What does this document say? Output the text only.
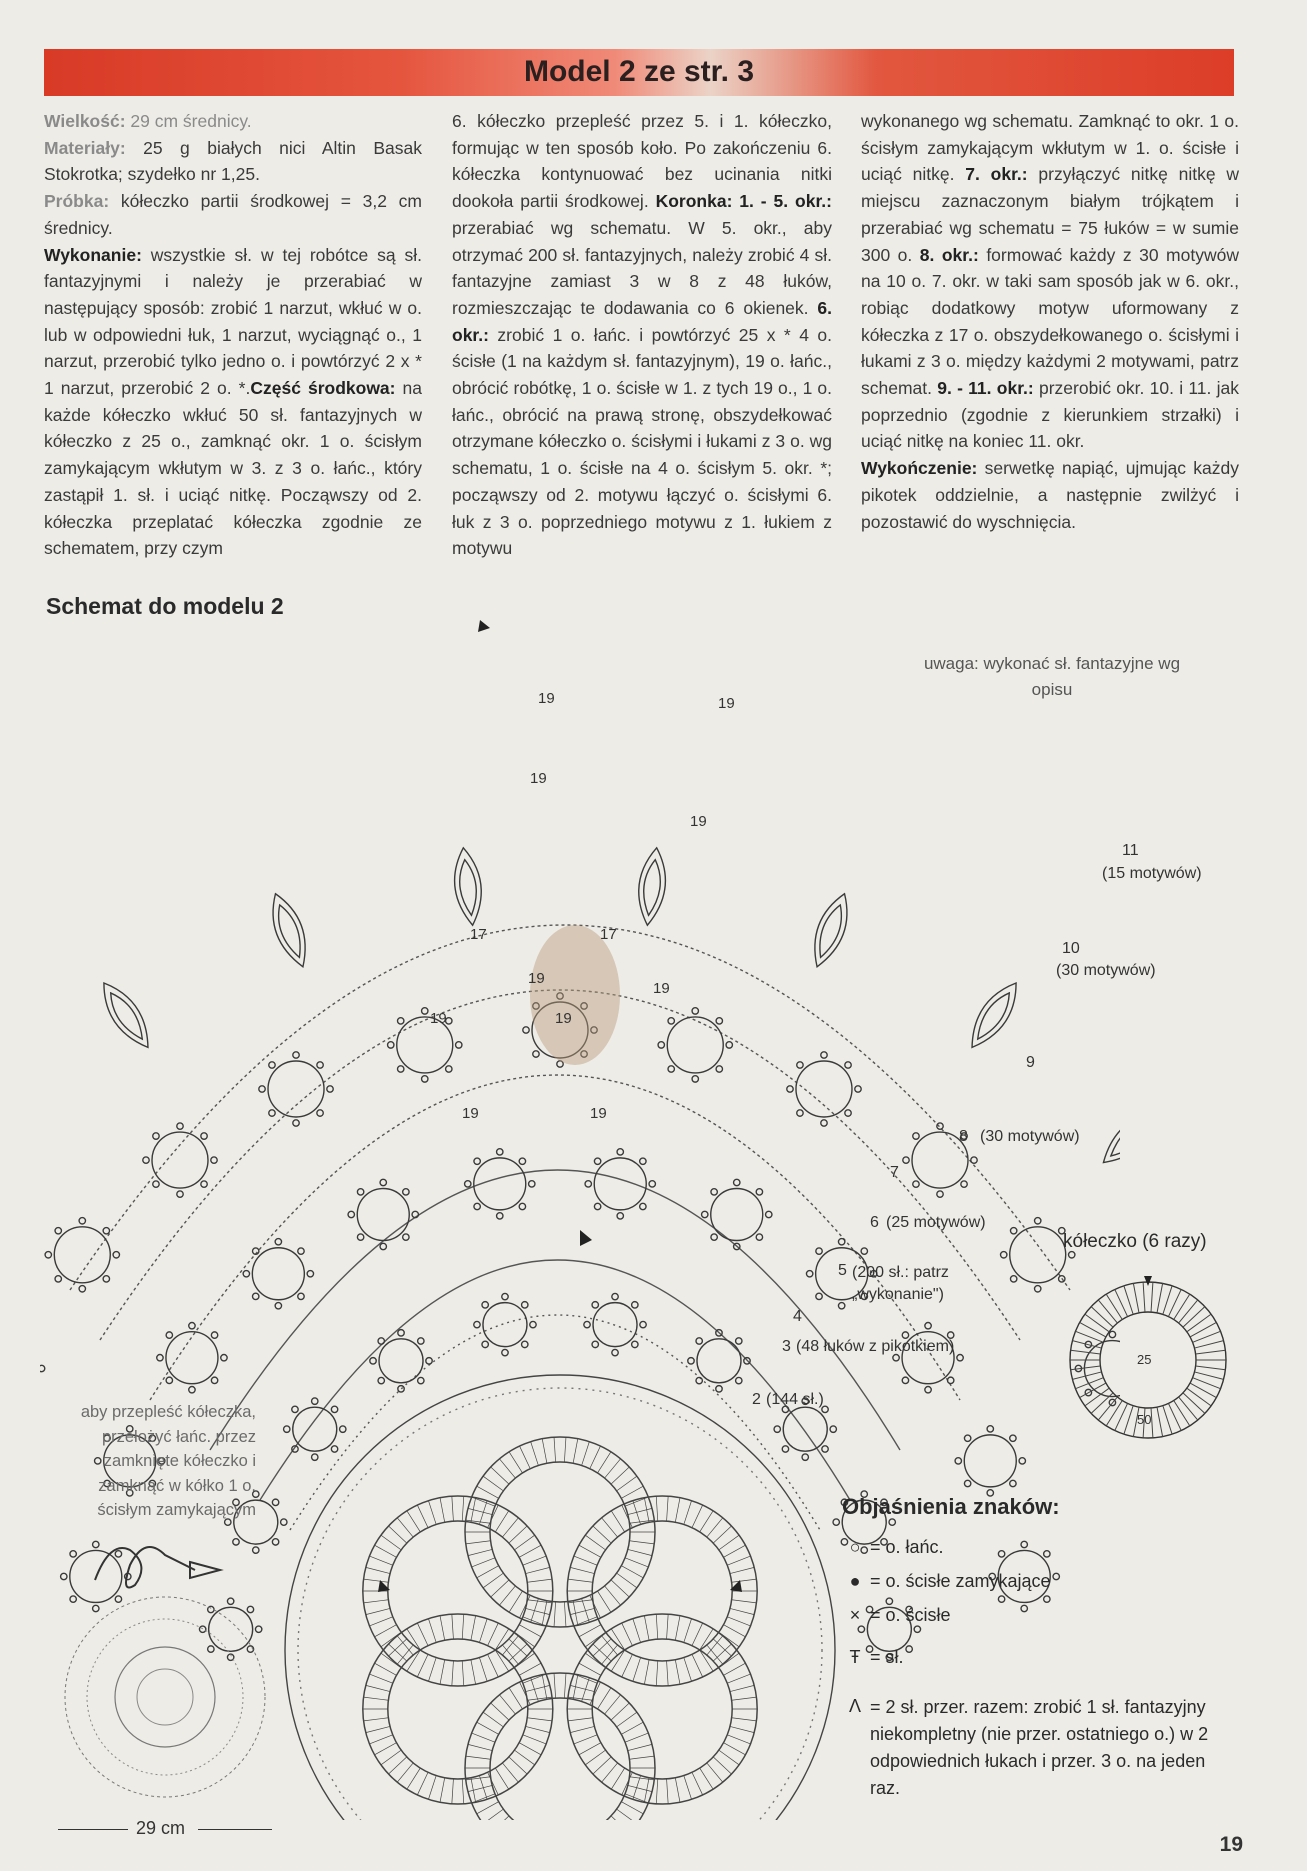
Model 2 ze str. 3

Wielkość: 29 cm średnicy.

Materiały: 25 g białych nici Altin Basak Stokrotka; szydełko nr 1,25.

Próbka: kółeczko partii środkowej = 3,2 cm średnicy.

Wykonanie: wszystkie sł. w tej robótce są sł. fantazyjnymi i należy je przerabiać w następujący sposób: zrobić 1 narzut, wkłuć w o. lub w odpowiedni łuk, 1 narzut, wyciągnąć o., 1 narzut, przerobić tylko jedno o. i powtórzyć 2 x * 1 narzut, przerobić 2 o. *.Część środkowa: na każde kółeczko wkłuć 50 sł. fantazyjnych w kółeczko z 25 o., zamknąć okr. 1 o. ścisłym zamykającym wkłutym w 3. z 3 o. łańc., który zastąpił 1. sł. i uciąć nitkę. Począwszy od 2. kółeczka przeplatać kółeczka zgodnie ze schematem, przy czym

6. kółeczko przepleść przez 5. i 1. kółeczko, formując w ten sposób koło. Po zakończeniu 6. kółeczka kontynuować bez ucinania nitki dookoła partii środkowej. Koronka: 1. - 5. okr.: przerabiać wg schematu. W 5. okr., aby otrzymać 200 sł. fantazyjnych, należy zrobić 4 sł. fantazyjne zamiast 3 w 8 z 48 łuków, rozmieszczając te dodawania co 6 okienek. 6. okr.: zrobić 1 o. łańc. i powtórzyć 25 x * 4 o. ścisłe (1 na każdym sł. fantazyjnym), 19 o. łańc., obrócić robótkę, 1 o. ścisłe w 1. z tych 19 o., 1 o. łańc., obrócić na prawą stronę, obszydełkować otrzymane kółeczko o. ścisłymi i łukami z 3 o. wg schematu, 1 o. ścisłe na 4 o. ścisłym 5. okr. *; począwszy od 2. motywu łączyć o. ścisłymi 6. łuk z 3 o. poprzedniego motywu z 1. łukiem z motywu

wykonanego wg schematu. Zamknąć to okr. 1 o. ścisłym zamykającym wkłutym w 1. o. ścisłe i uciąć nitkę. 7. okr.: przyłączyć nitkę nitkę w miejscu zaznaczonym białym trójkątem i przerabiać wg schematu = 75 łuków = w sumie 300 o. 8. okr.: formować każdy z 30 motywów na 10 o. 7. okr. w taki sam sposób jak w 6. okr., robiąc dodatkowy motyw uformowany z kółeczka z 17 o. obszydełkowanego o. ścisłymi i łukami z 3 o. między każdymi 2 motywami, patrz schemat. 9. - 11. okr.: przerobić okr. 10. i 11. jak poprzednio (zgodnie z kierunkiem strzałki) i uciąć nitkę na koniec 11. okr.

Wykończenie: serwetkę napiąć, ujmując każdy pikotek oddzielnie, a następnie zwilżyć i pozostawić do wyschnięcia.

Schemat do modelu 2
19
19
19
19
19	19
19	19
19
19
17	17
uwaga: wykonać sł. fantazyjne wg opisu
11
(15 motywów)
10
(30 motywów)
9
8 (30 motywów)
7
6 (25 motywów)
5 (200 sł.: patrz „wykonanie")
4
3 (48 łuków z pikotkiem)
2 (144 sł.)
kółeczko (6 razy)
25
50
aby przepleść kółeczka, przełożyć łańc. przez zamknięte kółeczko i zamknąć w kółko 1 o. ścisłym zamykającym
29 cm
Objaśnienia znaków:
○ = o. łańc.
● = o. ścisłe zamykające
× = o. ścisłe
Ŧ = sł.
Λ = 2 sł. przer. razem: zrobić 1 sł. fantazyjny niekompletny (nie przer. ostatniego o.) w 2 odpowiednich łukach i przer. 3 o. na jeden raz.
19
